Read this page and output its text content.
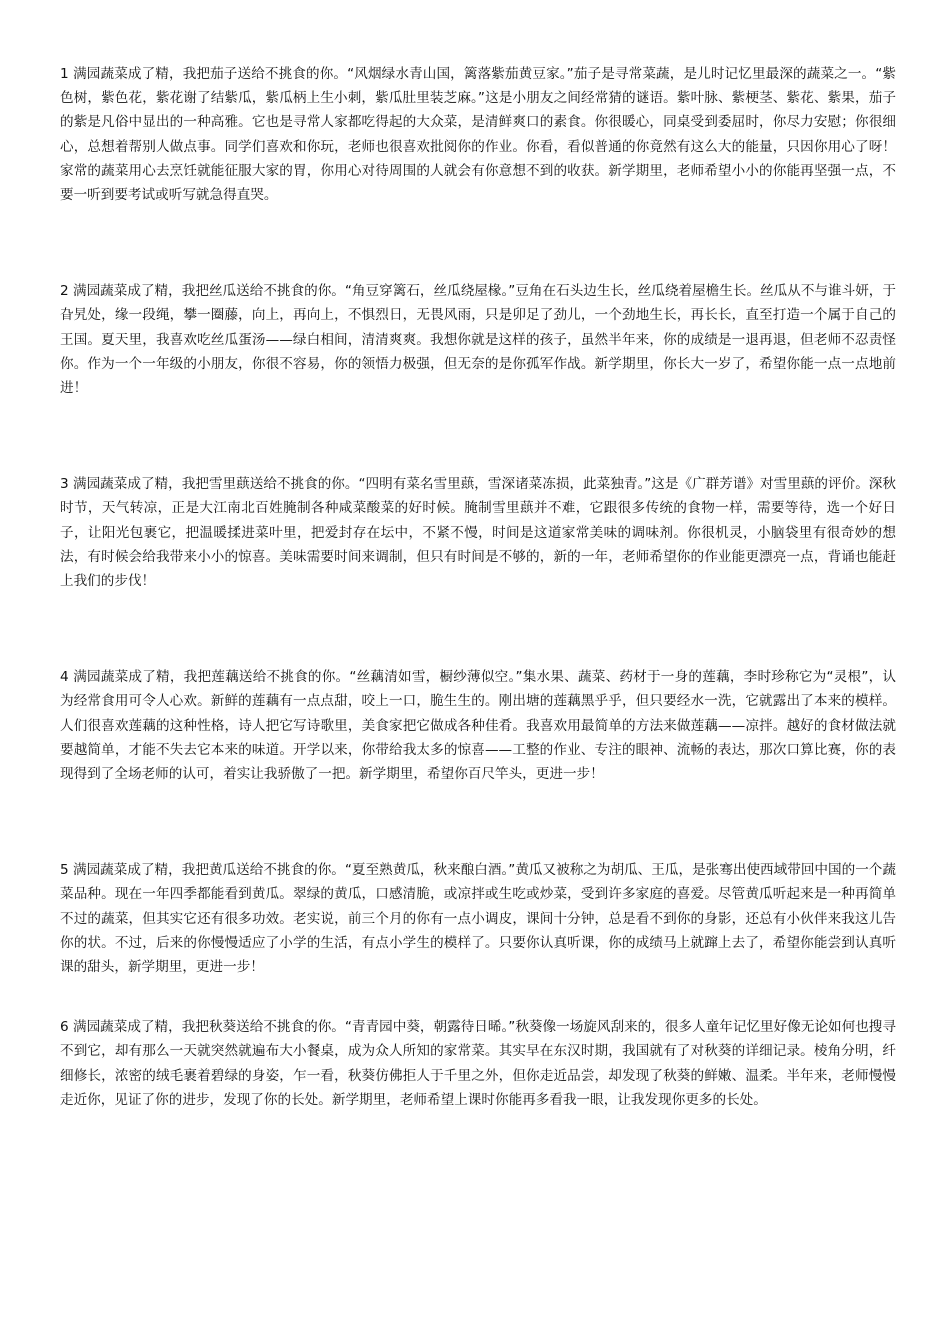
1 满园蔬菜成了精，我把茄子送给不挑食的你。“风烟绿水青山国，篱落紫茄黄豆家。”茄子是寻常菜蔬，是儿时记忆里最深的蔬菜之一。“紫色树，紫色花，紫花谢了结紫瓜，紫瓜柄上生小刺，紫瓜肚里装芝麻。”这是小朋友之间经常猜的谜语。紫叶脉、紫梗茎、紫花、紫果，茄子的紫是凡俗中显出的一种高雅。它也是寻常人家都吃得起的大众菜，是清鲜爽口的素食。你很暖心，同桌受到委屈时，你尽力安慰；你很细心，总想着帮别人做点事。同学们喜欢和你玩，老师也很喜欢批阅你的作业。你看，看似普通的你竟然有这么大的能量，只因你用心了呀！家常的蔬菜用心去烹饪就能征服大家的胃，你用心对待周围的人就会有你意想不到的收获。新学期里，老师希望小小的你能再坚强一点，不要一听到要考试或听写就急得直哭。

2 满园蔬菜成了精，我把丝瓜送给不挑食的你。“角豆穿篱石，丝瓜绕屋椽。”豆角在石头边生长，丝瓜绕着屋檐生长。丝瓜从不与谁斗妍，于旮旯处，缘一段绳，攀一圈藤，向上，再向上，不惧烈日，无畏风雨，只是卯足了劲儿，一个劲地生长，再长长，直至打造一个属于自己的王国。夏天里，我喜欢吃丝瓜蛋汤——绿白相间，清清爽爽。我想你就是这样的孩子，虽然半年来，你的成绩是一退再退，但老师不忍责怪你。作为一个一年级的小朋友，你很不容易，你的领悟力极强，但无奈的是你孤军作战。新学期里，你长大一岁了，希望你能一点一点地前进！

3 满园蔬菜成了精，我把雪里蕻送给不挑食的你。“四明有菜名雪里蕻，雪深诸菜冻损，此菜独青。”这是《广群芳谱》对雪里蕻的评价。深秋时节，天气转凉，正是大江南北百姓腌制各种咸菜酸菜的好时候。腌制雪里蕻并不难，它跟很多传统的食物一样，需要等待，选一个好日子，让阳光包裹它，把温暖揉进菜叶里，把爱封存在坛中，不紧不慢，时间是这道家常美味的调味剂。你很机灵，小脑袋里有很奇妙的想法，有时候会给我带来小小的惊喜。美味需要时间来调制，但只有时间是不够的，新的一年，老师希望你的作业能更漂亮一点，背诵也能赶上我们的步伐！

4 满园蔬菜成了精，我把莲藕送给不挑食的你。“丝藕清如雪，橱纱薄似空。”集水果、蔬菜、药材于一身的莲藕，李时珍称它为“灵根”，认为经常食用可令人心欢。新鲜的莲藕有一点点甜，咬上一口，脆生生的。刚出塘的莲藕黑乎乎，但只要经水一洗，它就露出了本来的模样。人们很喜欢莲藕的这种性格，诗人把它写诗歌里，美食家把它做成各种佳肴。我喜欢用最简单的方法来做莲藕——凉拌。越好的食材做法就要越简单，才能不失去它本来的味道。开学以来，你带给我太多的惊喜——工整的作业、专注的眼神、流畅的表达，那次口算比赛，你的表现得到了全场老师的认可，着实让我骄傲了一把。新学期里，希望你百尺竿头，更进一步！

5 满园蔬菜成了精，我把黄瓜送给不挑食的你。“夏至熟黄瓜，秋来酿白酒。”黄瓜又被称之为胡瓜、王瓜，是张骞出使西域带回中国的一个蔬菜品种。现在一年四季都能看到黄瓜。翠绿的黄瓜，口感清脆，或凉拌或生吃或炒菜，受到许多家庭的喜爱。尽管黄瓜听起来是一种再简单不过的蔬菜，但其实它还有很多功效。老实说，前三个月的你有一点小调皮，课间十分钟，总是看不到你的身影，还总有小伙伴来我这儿告你的状。不过，后来的你慢慢适应了小学的生活，有点小学生的模样了。只要你认真听课，你的成绩马上就蹿上去了，希望你能尝到认真听课的甜头，新学期里，更进一步！

6 满园蔬菜成了精，我把秋葵送给不挑食的你。“青青园中葵，朝露待日晞。”秋葵像一场旋风刮来的，很多人童年记忆里好像无论如何也搜寻不到它，却有那么一天就突然就遍布大小餐桌，成为众人所知的家常菜。其实早在东汉时期，我国就有了对秋葵的详细记录。棱角分明，纤细修长，浓密的绒毛裹着碧绿的身姿，乍一看，秋葵仿佛拒人于千里之外，但你走近品尝，却发现了秋葵的鲜嫩、温柔。半年来，老师慢慢走近你，见证了你的进步，发现了你的长处。新学期里，老师希望上课时你能再多看我一眼，让我发现你更多的长处。
